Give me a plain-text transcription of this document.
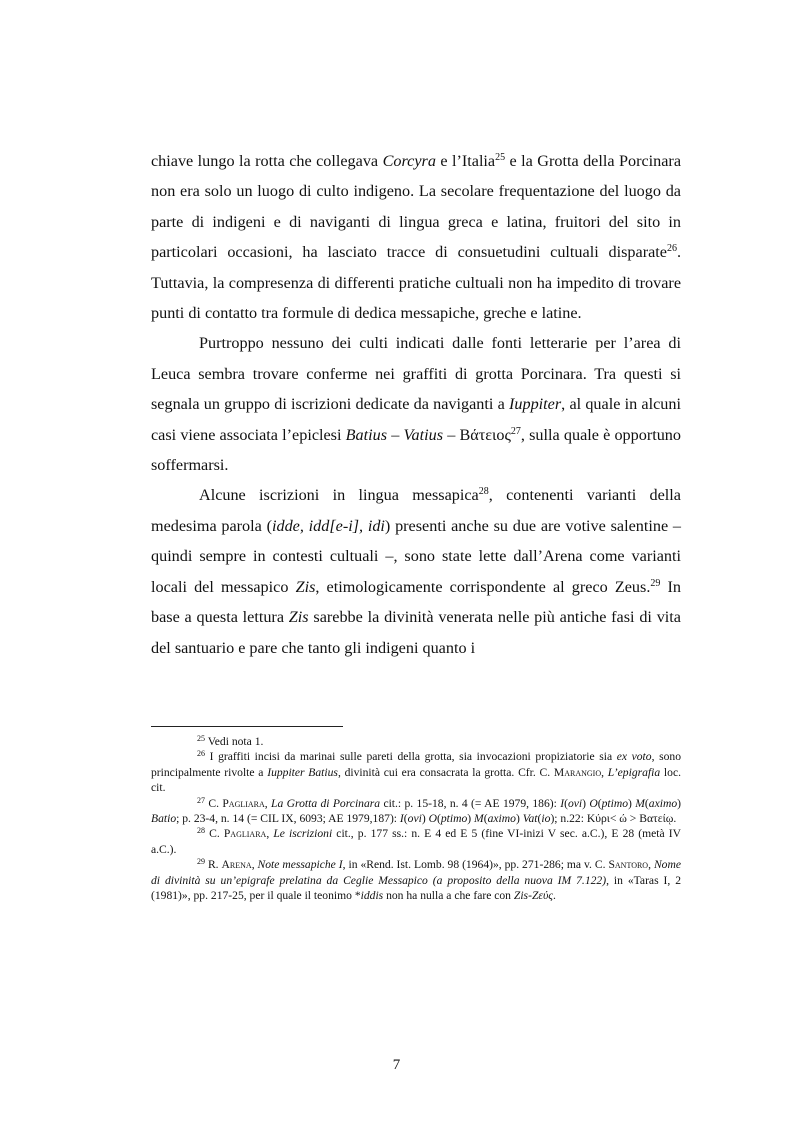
chiave lungo la rotta che collegava Corcyra e l’Italia$^{25}$ e la Grotta della Porcinara non era solo un luogo di culto indigeno. La secolare frequentazione del luogo da parte di indigeni e di naviganti di lingua greca e latina, fruitori del sito in particolari occasioni, ha lasciato tracce di consuetudini cultuali disparate$^{26}$. Tuttavia, la compresenza di differenti pratiche cultuali non ha impedito di trovare punti di contatto tra formule di dedica messapiche, greche e latine.

Purtroppo nessuno dei culti indicati dalle fonti letterarie per l’area di Leuca sembra trovare conferme nei graffiti di grotta Porcinara. Tra questi si segnala un gruppo di iscrizioni dedicate da naviganti a Iuppiter, al quale in alcuni casi viene associata l’epiclesi Batius – Vatius – Βάτειος$^{27}$, sulla quale è opportuno soffermarsi.

Alcune iscrizioni in lingua messapica$^{28}$, contenenti varianti della medesima parola (idde, idd[e-i], idi) presenti anche su due are votive salentine – quindi sempre in contesti cultuali –, sono state lette dall’Arena come varianti locali del messapico Zis, etimologicamente corrispondente al greco Zeus.$^{29}$ In base a questa lettura Zis sarebbe la divinità venerata nelle più antiche fasi di vita del santuario e pare che tanto gli indigeni quanto i

$^{25}$ Vedi nota 1.

$^{26}$ I graffiti incisi da marinai sulle pareti della grotta, sia invocazioni propiziatorie sia ex voto, sono principalmente rivolte a Iuppiter Batius, divinità cui era consacrata la grotta. Cfr. C. Marangio, L’epigrafia loc. cit.

$^{27}$ C. Pagliara, La Grotta di Porcinara cit.: p. 15-18, n. 4 (= AE 1979, 186): I(ovi) O(ptimo) M(aximo) Batio; p. 23-4, n. 14 (= CIL IX, 6093; AE 1979,187): I(ovi) O(ptimo) M(aximo) Vat(io); n.22: Κύρι< ώ > Βατείῳ.

$^{28}$ C. Pagliara, Le iscrizioni cit., p. 177 ss.: n. E 4 ed E 5 (fine VI-inizi V sec. a.C.), E 28 (metà IV a.C.).

$^{29}$ R. Arena, Note messapiche I, in «Rend. Ist. Lomb. 98 (1964)», pp. 271-286; ma v. C. Santoro, Nome di divinità su un’epigrafe prelatina da Ceglie Messapico (a proposito della nuova IM 7.122), in «Taras I, 2 (1981)», pp. 217-25, per il quale il teonimo *iddis non ha nulla a che fare con Zis-Ζεύς.

7
